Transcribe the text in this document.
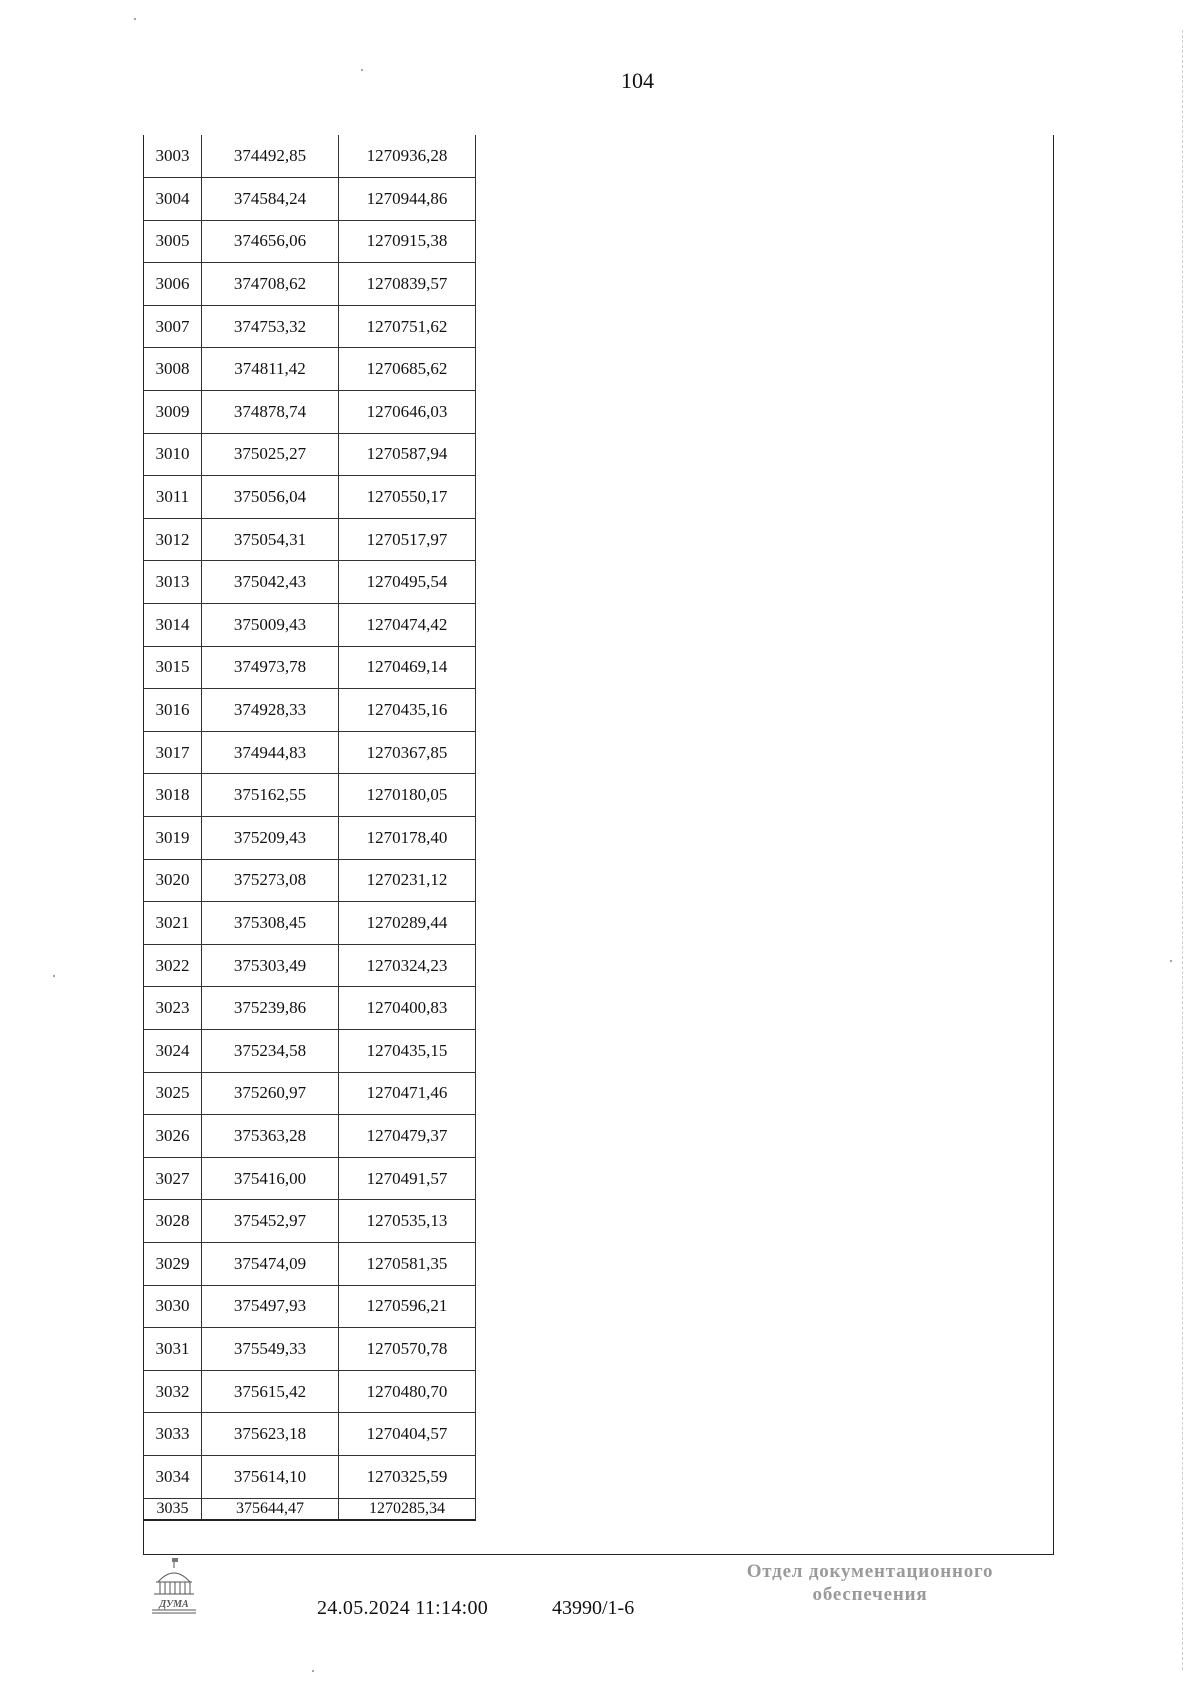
104
3003	374492,85	1270936,28
3004	374584,24	1270944,86
3005	374656,06	1270915,38
3006	374708,62	1270839,57
3007	374753,32	1270751,62
3008	374811,42	1270685,62
3009	374878,74	1270646,03
3010	375025,27	1270587,94
3011	375056,04	1270550,17
3012	375054,31	1270517,97
3013	375042,43	1270495,54
3014	375009,43	1270474,42
3015	374973,78	1270469,14
3016	374928,33	1270435,16
3017	374944,83	1270367,85
3018	375162,55	1270180,05
3019	375209,43	1270178,40
3020	375273,08	1270231,12
3021	375308,45	1270289,44
3022	375303,49	1270324,23
3023	375239,86	1270400,83
3024	375234,58	1270435,15
3025	375260,97	1270471,46
3026	375363,28	1270479,37
3027	375416,00	1270491,57
3028	375452,97	1270535,13
3029	375474,09	1270581,35
3030	375497,93	1270596,21
3031	375549,33	1270570,78
3032	375615,42	1270480,70
3033	375623,18	1270404,57
3034	375614,10	1270325,59
3035	375644,47	1270285,34
ДУМА	24.05.2024 11:14:00	43990/1-6
Отдел документационного
обеспечения
